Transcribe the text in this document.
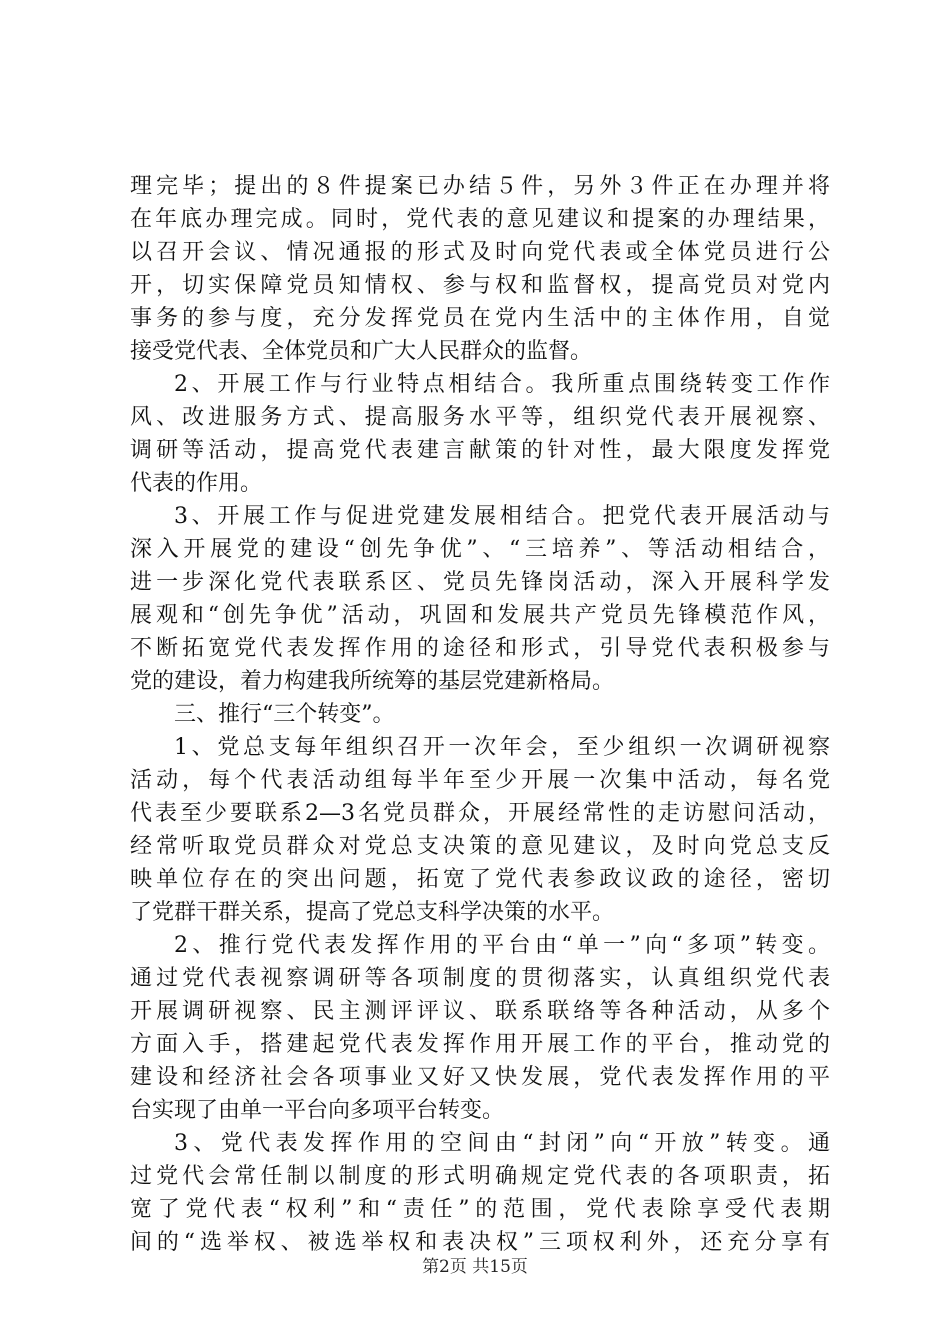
理完毕；提出的８件提案已办结５件，另外３件正在办理并将
在年底办理完成。同时，党代表的意见建议和提案的办理结果，
以召开会议、情况通报的形式及时向党代表或全体党员进行公
开，切实保障党员知情权、参与权和监督权，提高党员对党内
事务的参与度，充分发挥党员在党内生活中的主体作用，自觉
接受党代表、全体党员和广大人民群众的监督。
2、开展工作与行业特点相结合。我所重点围绕转变工作作
风、改进服务方式、提高服务水平等，组织党代表开展视察、
调研等活动，提高党代表建言献策的针对性，最大限度发挥党
代表的作用。
3、开展工作与促进党建发展相结合。把党代表开展活动与
深入开展党的建设“创先争优”、“三培养”、等活动相结合，
进一步深化党代表联系区、党员先锋岗活动，深入开展科学发
展观和“创先争优”活动，巩固和发展共产党员先锋模范作风，
不断拓宽党代表发挥作用的途径和形式，引导党代表积极参与
党的建设，着力构建我所统筹的基层党建新格局。
三、推行“三个转变”。
1、党总支每年组织召开一次年会，至少组织一次调研视察
活动，每个代表活动组每半年至少开展一次集中活动，每名党
代表至少要联系2—3名党员群众，开展经常性的走访慰问活动，
经常听取党员群众对党总支决策的意见建议，及时向党总支反
映单位存在的突出问题，拓宽了党代表参政议政的途径，密切
了党群干群关系，提高了党总支科学决策的水平。
2、推行党代表发挥作用的平台由“单一”向“多项”转变。
通过党代表视察调研等各项制度的贯彻落实，认真组织党代表
开展调研视察、民主测评评议、联系联络等各种活动，从多个
方面入手，搭建起党代表发挥作用开展工作的平台，推动党的
建设和经济社会各项事业又好又快发展，党代表发挥作用的平
台实现了由单一平台向多项平台转变。
3、党代表发挥作用的空间由“封闭”向“开放”转变。通
过党代会常任制以制度的形式明确规定党代表的各项职责，拓
宽了党代表“权利”和“责任”的范围，党代表除享受代表期
间的“选举权、被选举权和表决权”三项权利外，还充分享有
第2页 共15页
